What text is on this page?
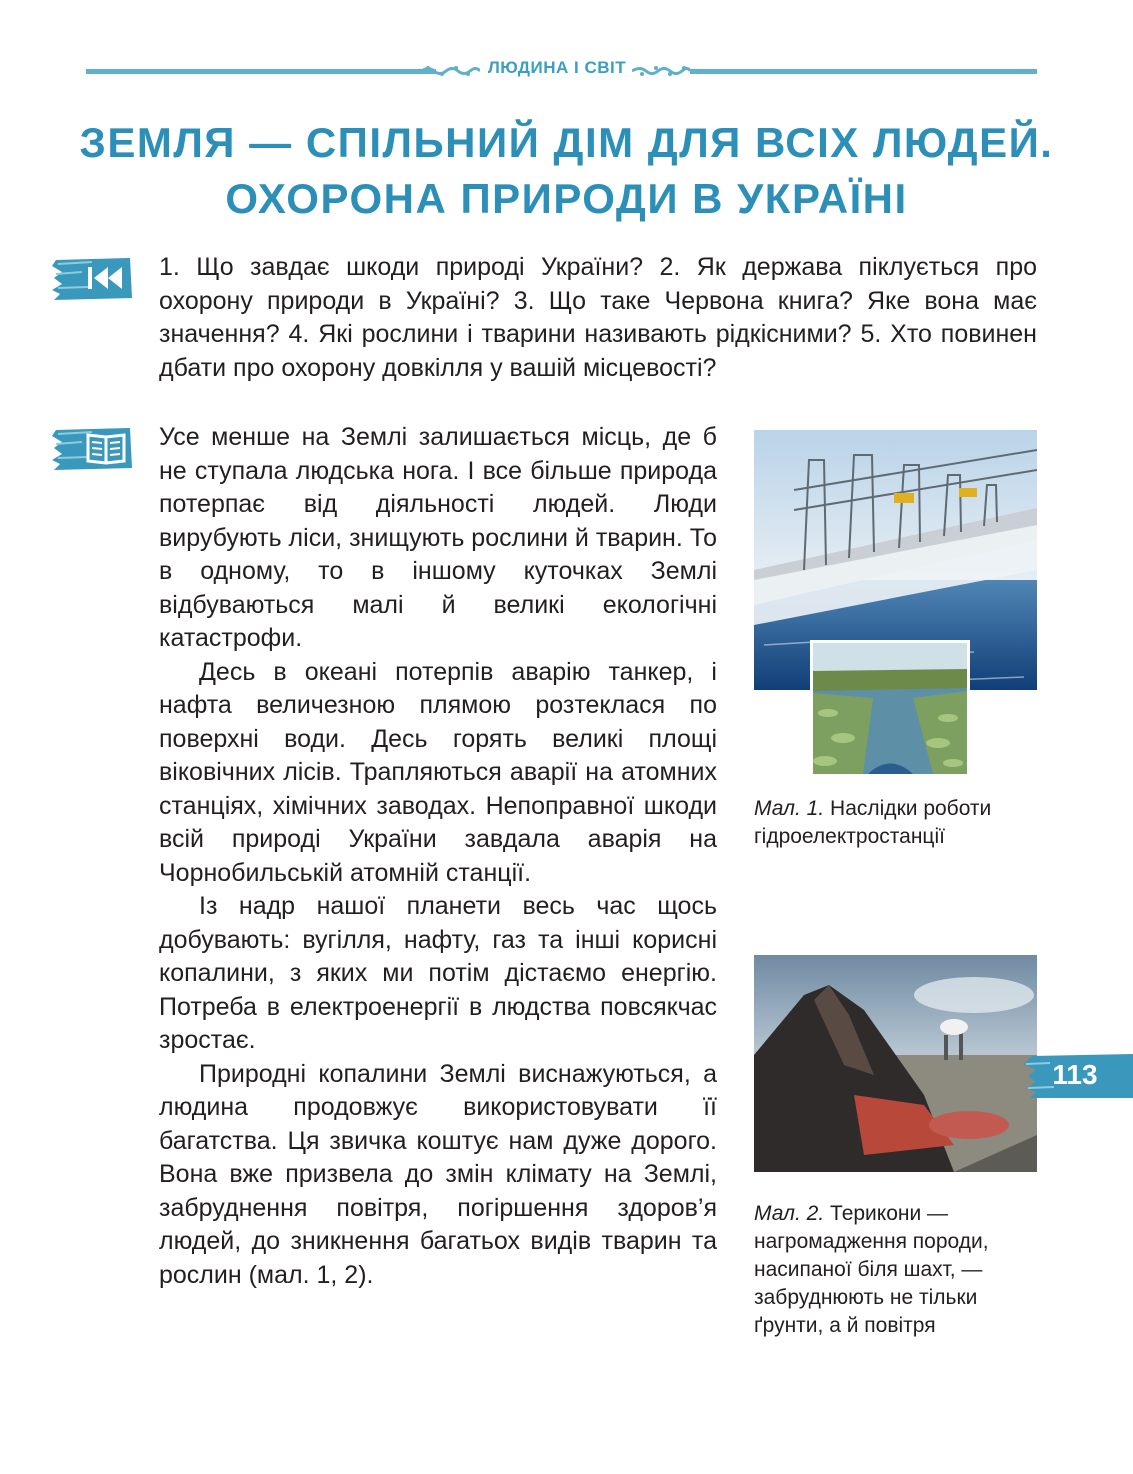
ЛЮДИНА І СВІТ
ЗЕМЛЯ — СПІЛЬНИЙ ДІМ ДЛЯ ВСІХ ЛЮДЕЙ.
ОХОРОНА ПРИРОДИ В УКРАЇНІ
1. Що завдає шкоди природі України? 2. Як держава піклується про охорону природи в Україні? 3. Що таке Червона книга? Яке вона має значення? 4. Які рослини і тварини називають рідкісними? 5. Хто повинен дбати про охорону довкілля у вашій місцевості?

Усе менше на Землі залишається місць, де б не ступала людська нога. І все більше природа потерпає від діяльності людей. Люди вирубують ліси, знищують рослини й тварин. То в одному, то в іншому куточках Землі відбуваються малі й великі екологічні катастрофи.

Десь в океані потерпів аварію танкер, і нафта величезною плямою розтеклася по поверхні води. Десь горять великі площі віковічних лісів. Трапляються аварії на атомних станціях, хімічних заводах. Непоправної шкоди всій природі України завдала аварія на Чорнобильській атомній станції.

Із надр нашої планети весь час щось добувають: вугілля, нафту, газ та інші корисні копалини, з яких ми потім дістаємо енергію. Потреба в електроенергії в людства повсякчас зростає.

Природні копалини Землі виснажуються, а людина продовжує використовувати її багатства. Ця звичка коштує нам дуже дорого. Вона вже призвела до змін клімату на Землі, забруднення повітря, погіршення здоров’я людей, до зникнення багатьох видів тварин та рослин (мал. 1, 2).

Мал. 1. Наслідки роботи гідроелектростанції
Мал. 2. Терикони — нагромадження породи, насипаної біля шахт, — забруднюють не тільки ґрунти, а й повітря
113
